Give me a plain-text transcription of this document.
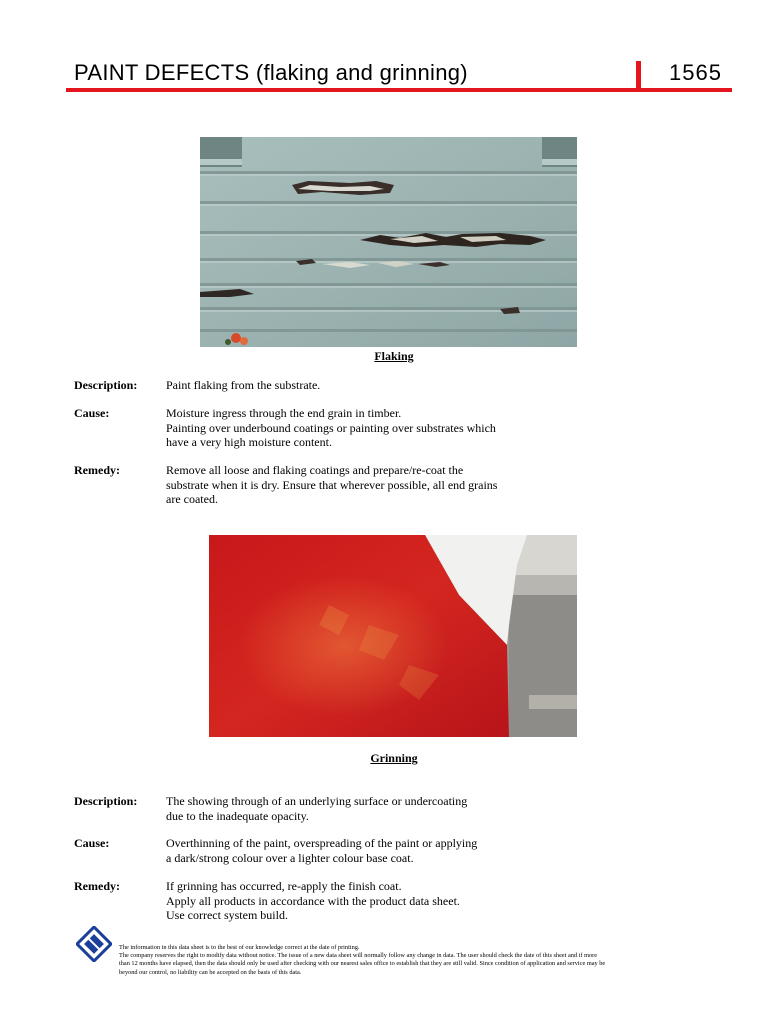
PAINT DEFECTS (flaking and grinning)	1565
Flaking
Description: Paint flaking from the substrate.
Cause:	Moisture ingress through the end grain in timber.
Painting over underbound coatings or painting over substrates which
have a very high moisture content.
Remedy:	Remove all loose and flaking coatings and prepare/re-coat the
substrate when it is dry. Ensure that wherever possible, all end grains
are coated.
Grinning
Description: The showing through of an underlying surface or undercoating
due to the inadequate opacity.
Cause:	Overthinning of the paint, overspreading of the paint or applying
a dark/strong colour over a lighter colour base coat.
Remedy:	If grinning has occurred, re-apply the finish coat.
Apply all products in accordance with the product data sheet.
Use correct system build.
The information in this data sheet is to the best of our knowledge correct at the date of printing.
The company reserves the right to modify data without notice. The issue of a new data sheet will normally follow any change in data. The user should check the date of this sheet and if more
than 12 months have elapsed, then the data should only be used after checking with our nearest sales office to establish that they are still valid. Since condition of application and service may be
beyond our control, no liability can be accepted on the basis of this data.
